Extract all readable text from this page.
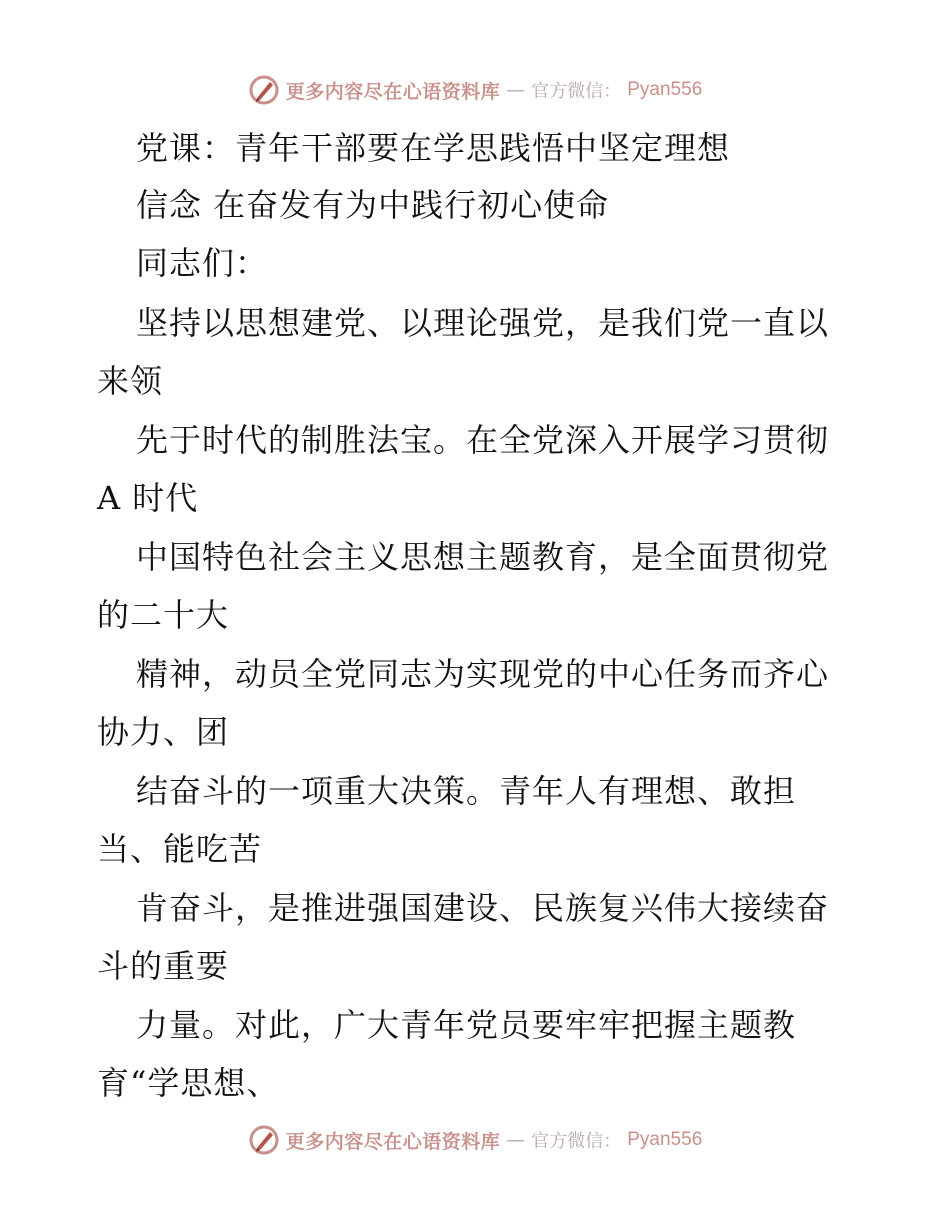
更多内容尽在心语资料库 — 官方微信： Pyan556
党课：青年干部要在学思践悟中坚定理想
信念 在奋发有为中践行初心使命
同志们：
坚持以思想建党、以理论强党，是我们党一直以
来领
先于时代的制胜法宝。在全党深入开展学习贯彻
A 时代
中国特色社会主义思想主题教育，是全面贯彻党
的二十大
精神，动员全党同志为实现党的中心任务而齐心
协力、团
结奋斗的一项重大决策。青年人有理想、敢担
当、能吃苦
肯奋斗，是推进强国建设、民族复兴伟大接续奋
斗的重要
力量。对此，广大青年党员要牢牢把握主题教
育“学思想、
更多内容尽在心语资料库 — 官方微信： Pyan556
